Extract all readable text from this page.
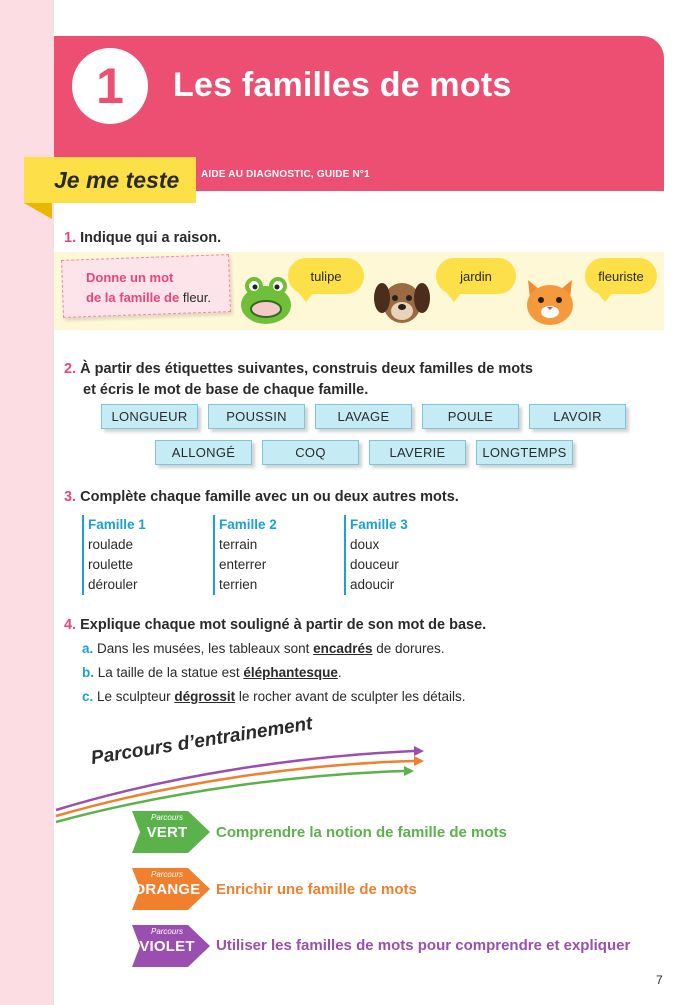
1	Les familles de mots
Je me teste AIDE AU DIAGNOSTIC, GUIDE N°1
1. Indique qui a raison.
Donne un mot
de la famille de fleur.
tulipe	jardin	fleuriste
2. À partir des étiquettes suivantes, construis deux familles de mots
et écris le mot de base de chaque famille.
LONGUEUR	POUSSIN	LAVAGE	POULE	LAVOIR
ALLONGÉ	COQ	LAVERIE	LONGTEMPS
3. Complète chaque famille avec un ou deux autres mots.
Famille 1
roulade
roulette
dérouler
Famille 2
terrain
enterrer
terrien
Famille 3
doux
douceur
adoucir
4. Explique chaque mot souligné à partir de son mot de base.
a. Dans les musées, les tableaux sont encadrés de dorures.
b. La taille de la statue est éléphantesque.
c. Le sculpteur dégrossit le rocher avant de sculpter les détails.
Parcours d’entrainement
Parcours
VERT	Comprendre la notion de famille de mots
Parcours
ORANGE Enrichir une famille de mots
Parcours
VIOLET	Utiliser les familles de mots pour comprendre et expliquer
7
